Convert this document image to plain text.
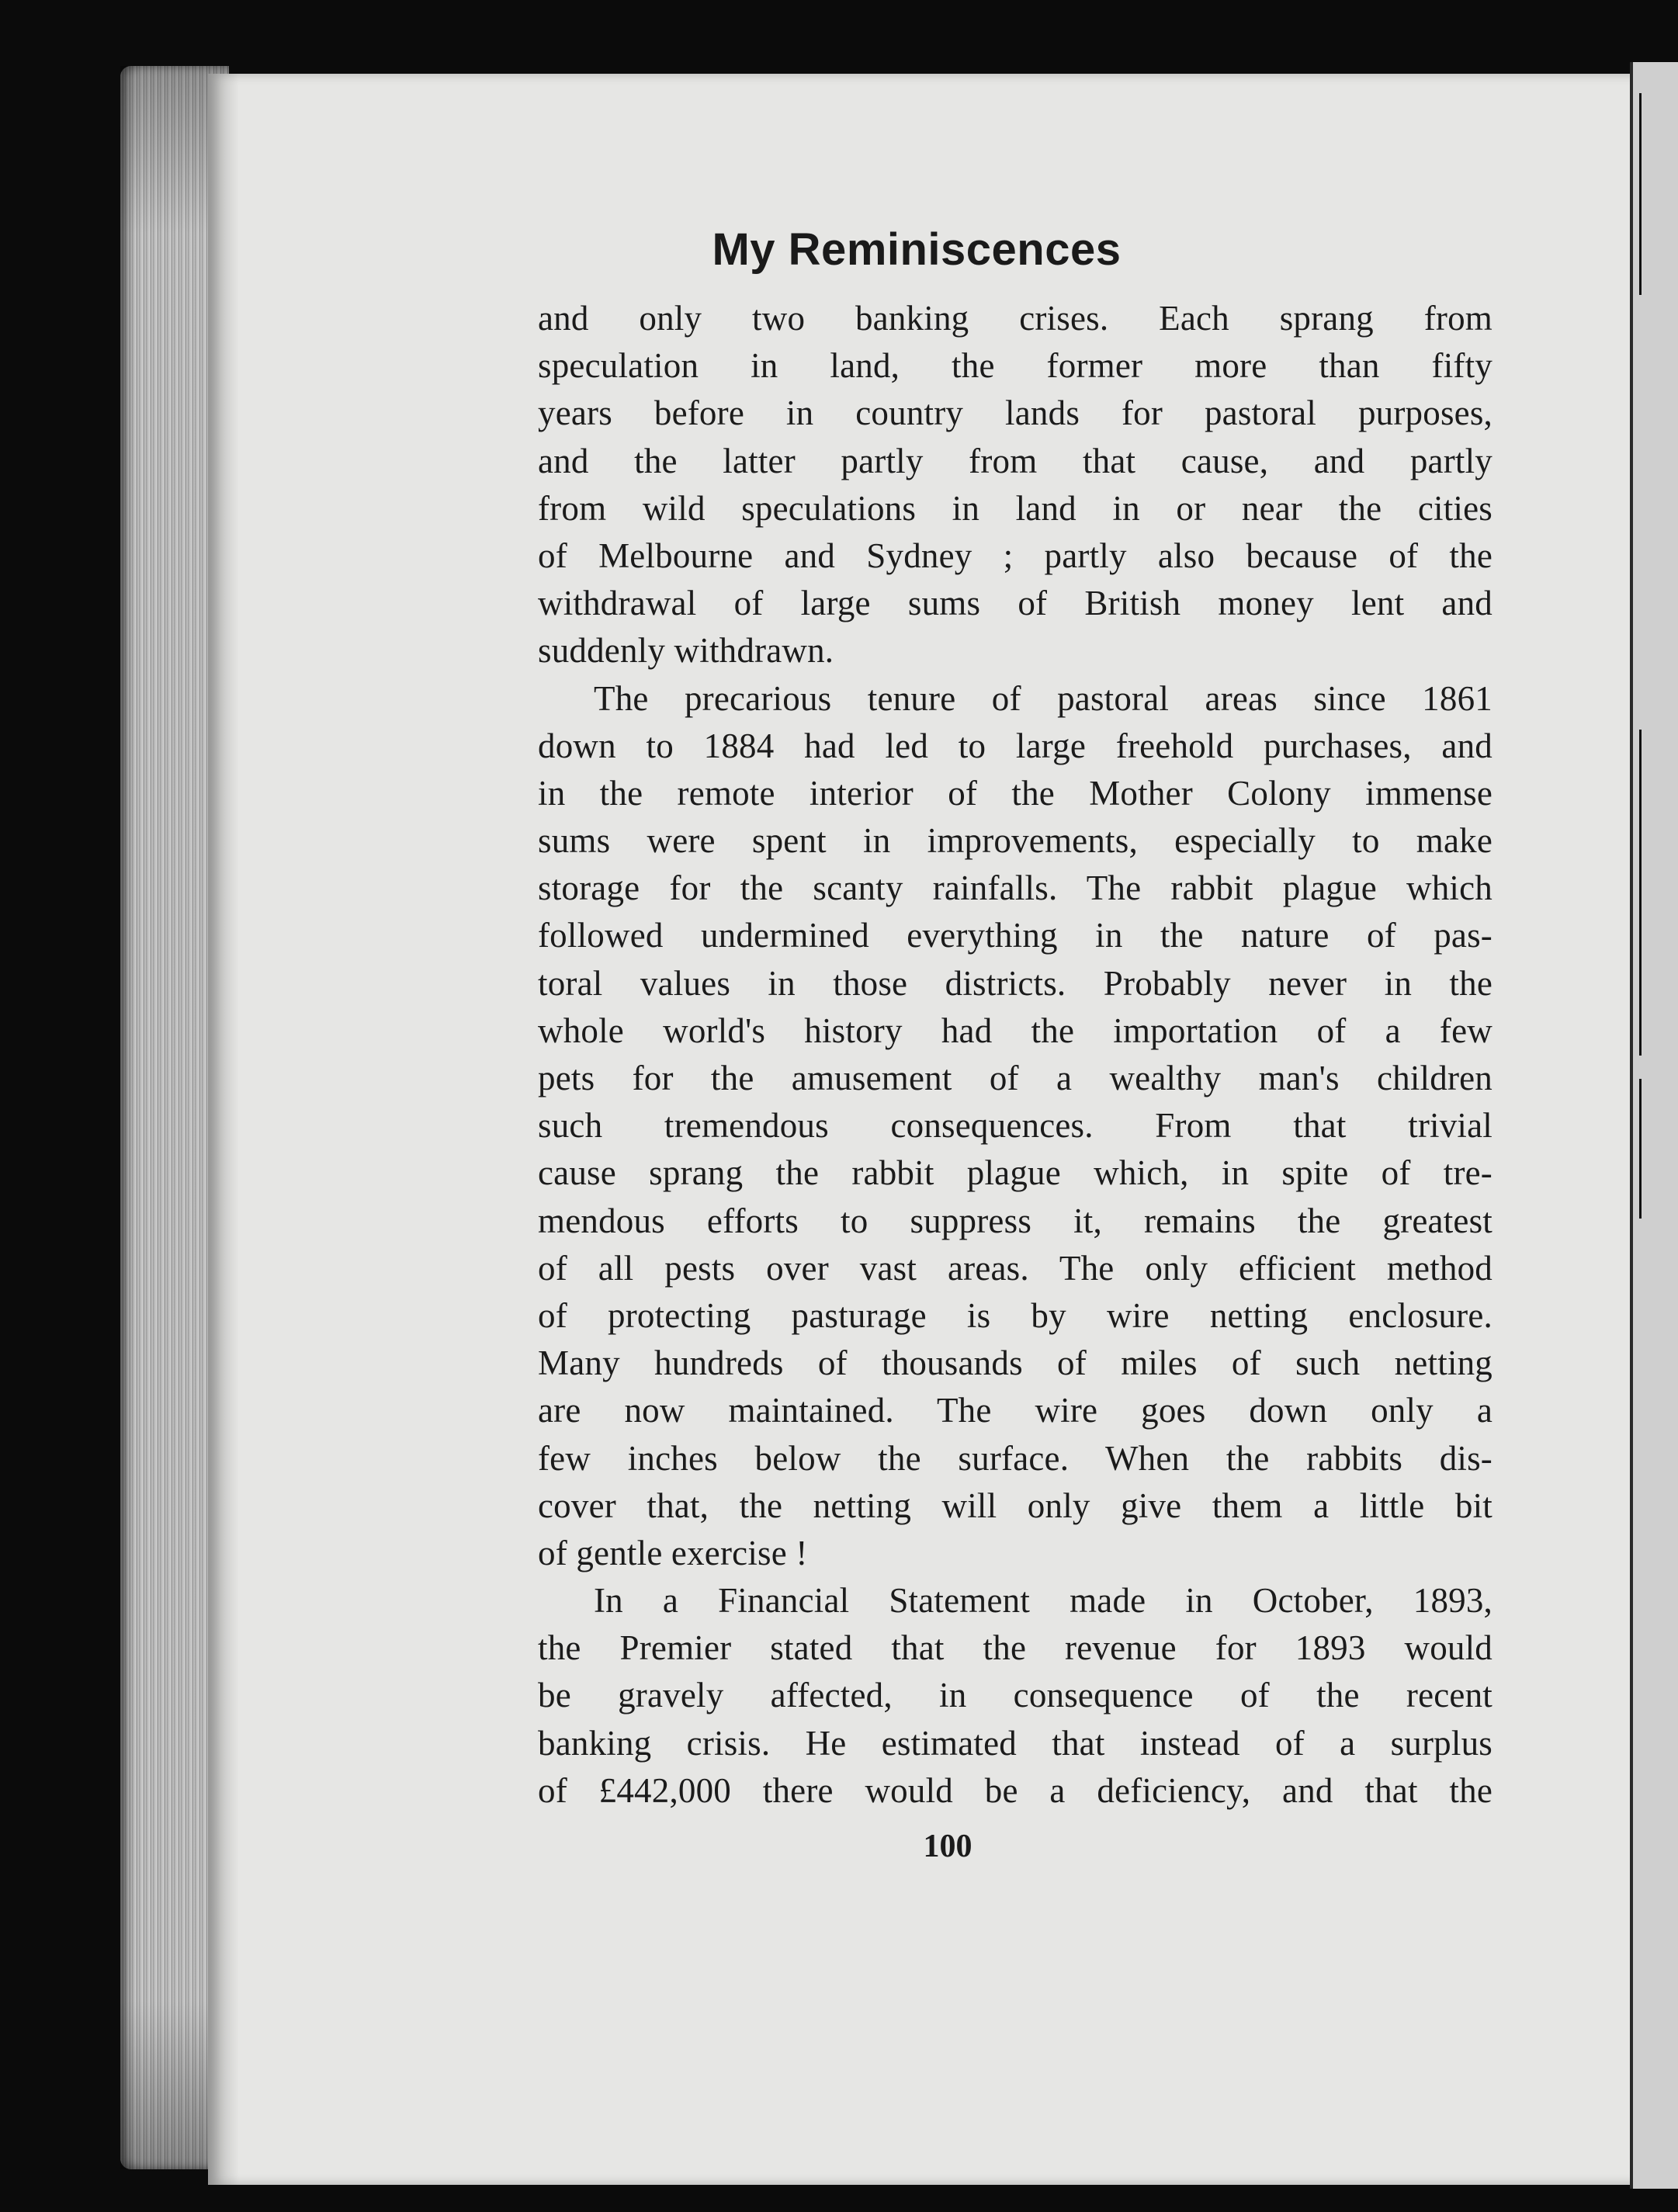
My Reminiscences
and only two banking crises. Each sprang from
speculation in land, the former more than fifty
years before in country lands for pastoral purposes,
and the latter partly from that cause, and partly
from wild speculations in land in or near the cities
of Melbourne and Sydney ; partly also because of the
withdrawal of large sums of British money lent and
suddenly withdrawn.
The precarious tenure of pastoral areas since 1861
down to 1884 had led to large freehold purchases, and
in the remote interior of the Mother Colony immense
sums were spent in improvements, especially to make
storage for the scanty rainfalls. The rabbit plague which
followed undermined everything in the nature of pas-
toral values in those districts. Probably never in the
whole world's history had the importation of a few
pets for the amusement of a wealthy man's children
such tremendous consequences. From that trivial
cause sprang the rabbit plague which, in spite of tre-
mendous efforts to suppress it, remains the greatest
of all pests over vast areas. The only efficient method
of protecting pasturage is by wire netting enclosure.
Many hundreds of thousands of miles of such netting
are now maintained. The wire goes down only a
few inches below the surface. When the rabbits dis-
cover that, the netting will only give them a little bit
of gentle exercise !
In a Financial Statement made in October, 1893,
the Premier stated that the revenue for 1893 would
be gravely affected, in consequence of the recent
banking crisis. He estimated that instead of a surplus
of £442,000 there would be a deficiency, and that the
100
